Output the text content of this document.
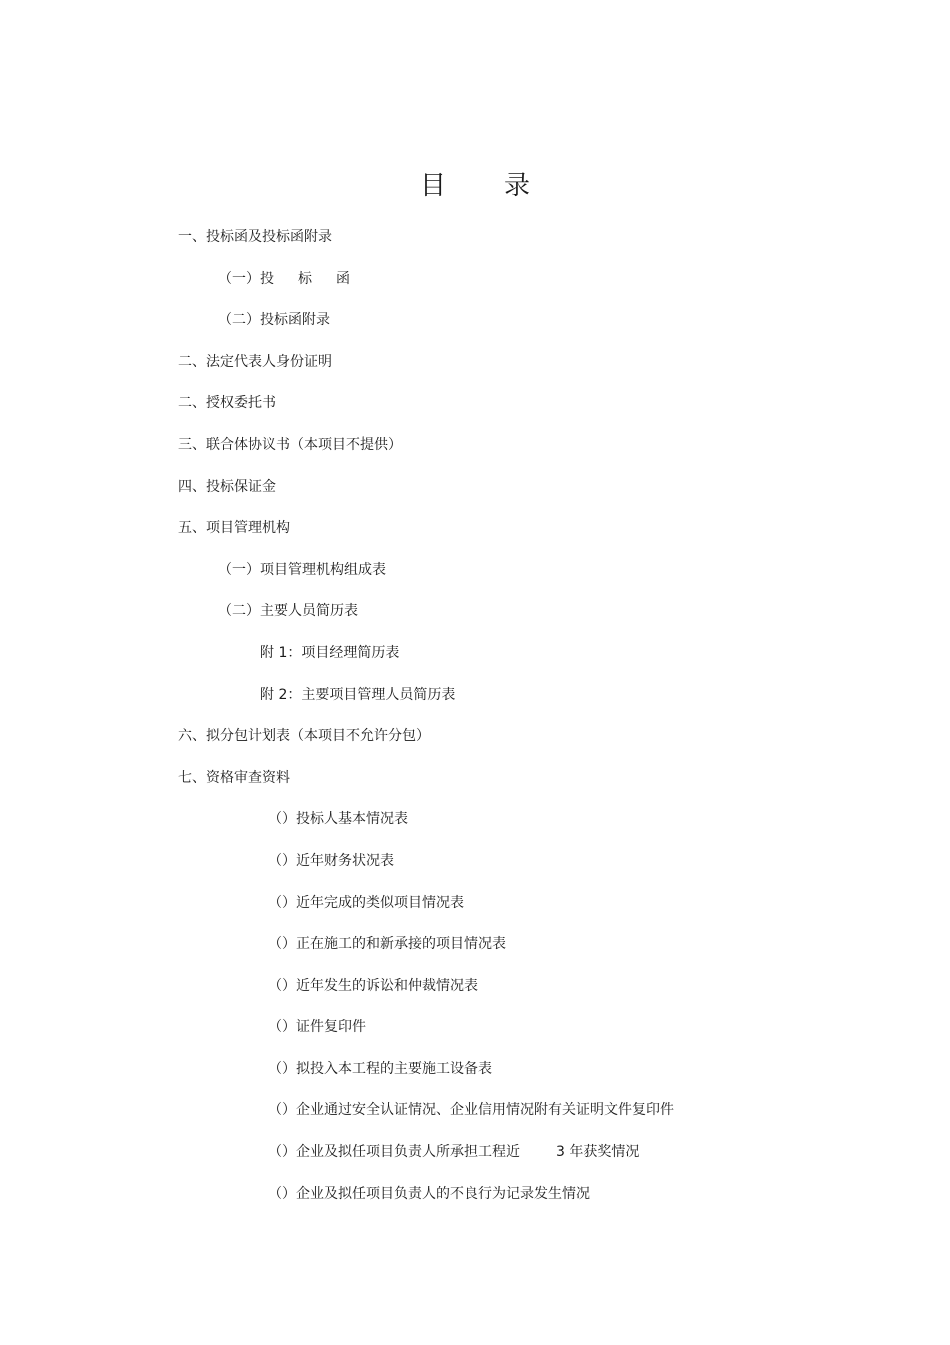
目 录
一、投标函及投标函附录
（一）投 标 函
（二）投标函附录
二、法定代表人身份证明
二、授权委托书
三、联合体协议书（本项目不提供）
四、投标保证金
五、项目管理机构
（一）项目管理机构组成表
（二）主要人员简历表
附 1：项目经理简历表
附 2：主要项目管理人员简历表
六、拟分包计划表（本项目不允许分包）
七、资格审查资料
（）投标人基本情况表
（）近年财务状况表
（）近年完成的类似项目情况表
（）正在施工的和新承接的项目情况表
（）近年发生的诉讼和仲裁情况表
（）证件复印件
（）拟投入本工程的主要施工设备表
（）企业通过安全认证情况、企业信用情况附有关证明文件复印件
（）企业及拟任项目负责人所承担工程近	3 年获奖情况
（）企业及拟任项目负责人的不良行为记录发生情况
